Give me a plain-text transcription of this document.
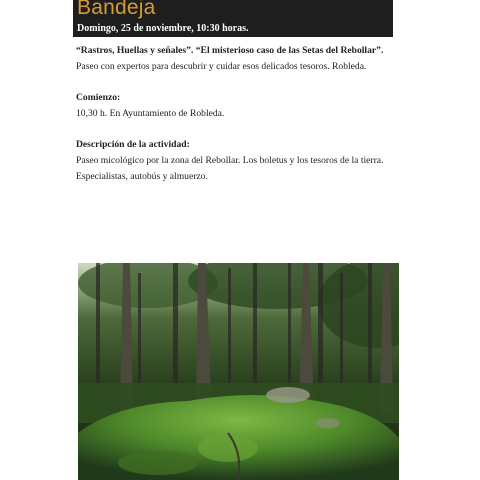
Bandeja
Domingo, 25 de noviembre, 10:30 horas.

“Rastros, Huellas y señales”. “El misterioso caso de las Setas del Rebollar”.

Paseo con expertos para descubrir y cuidar esos delicados tesoros. Robleda.

Comienzo:

10,30 h. En Ayuntamiento de Robleda.

Descripción de la actividad:

Paseo micológico por la zona del Rebollar. Los boletus y los tesoros de la tierra. Especialistas, autobús y almuerzo.
